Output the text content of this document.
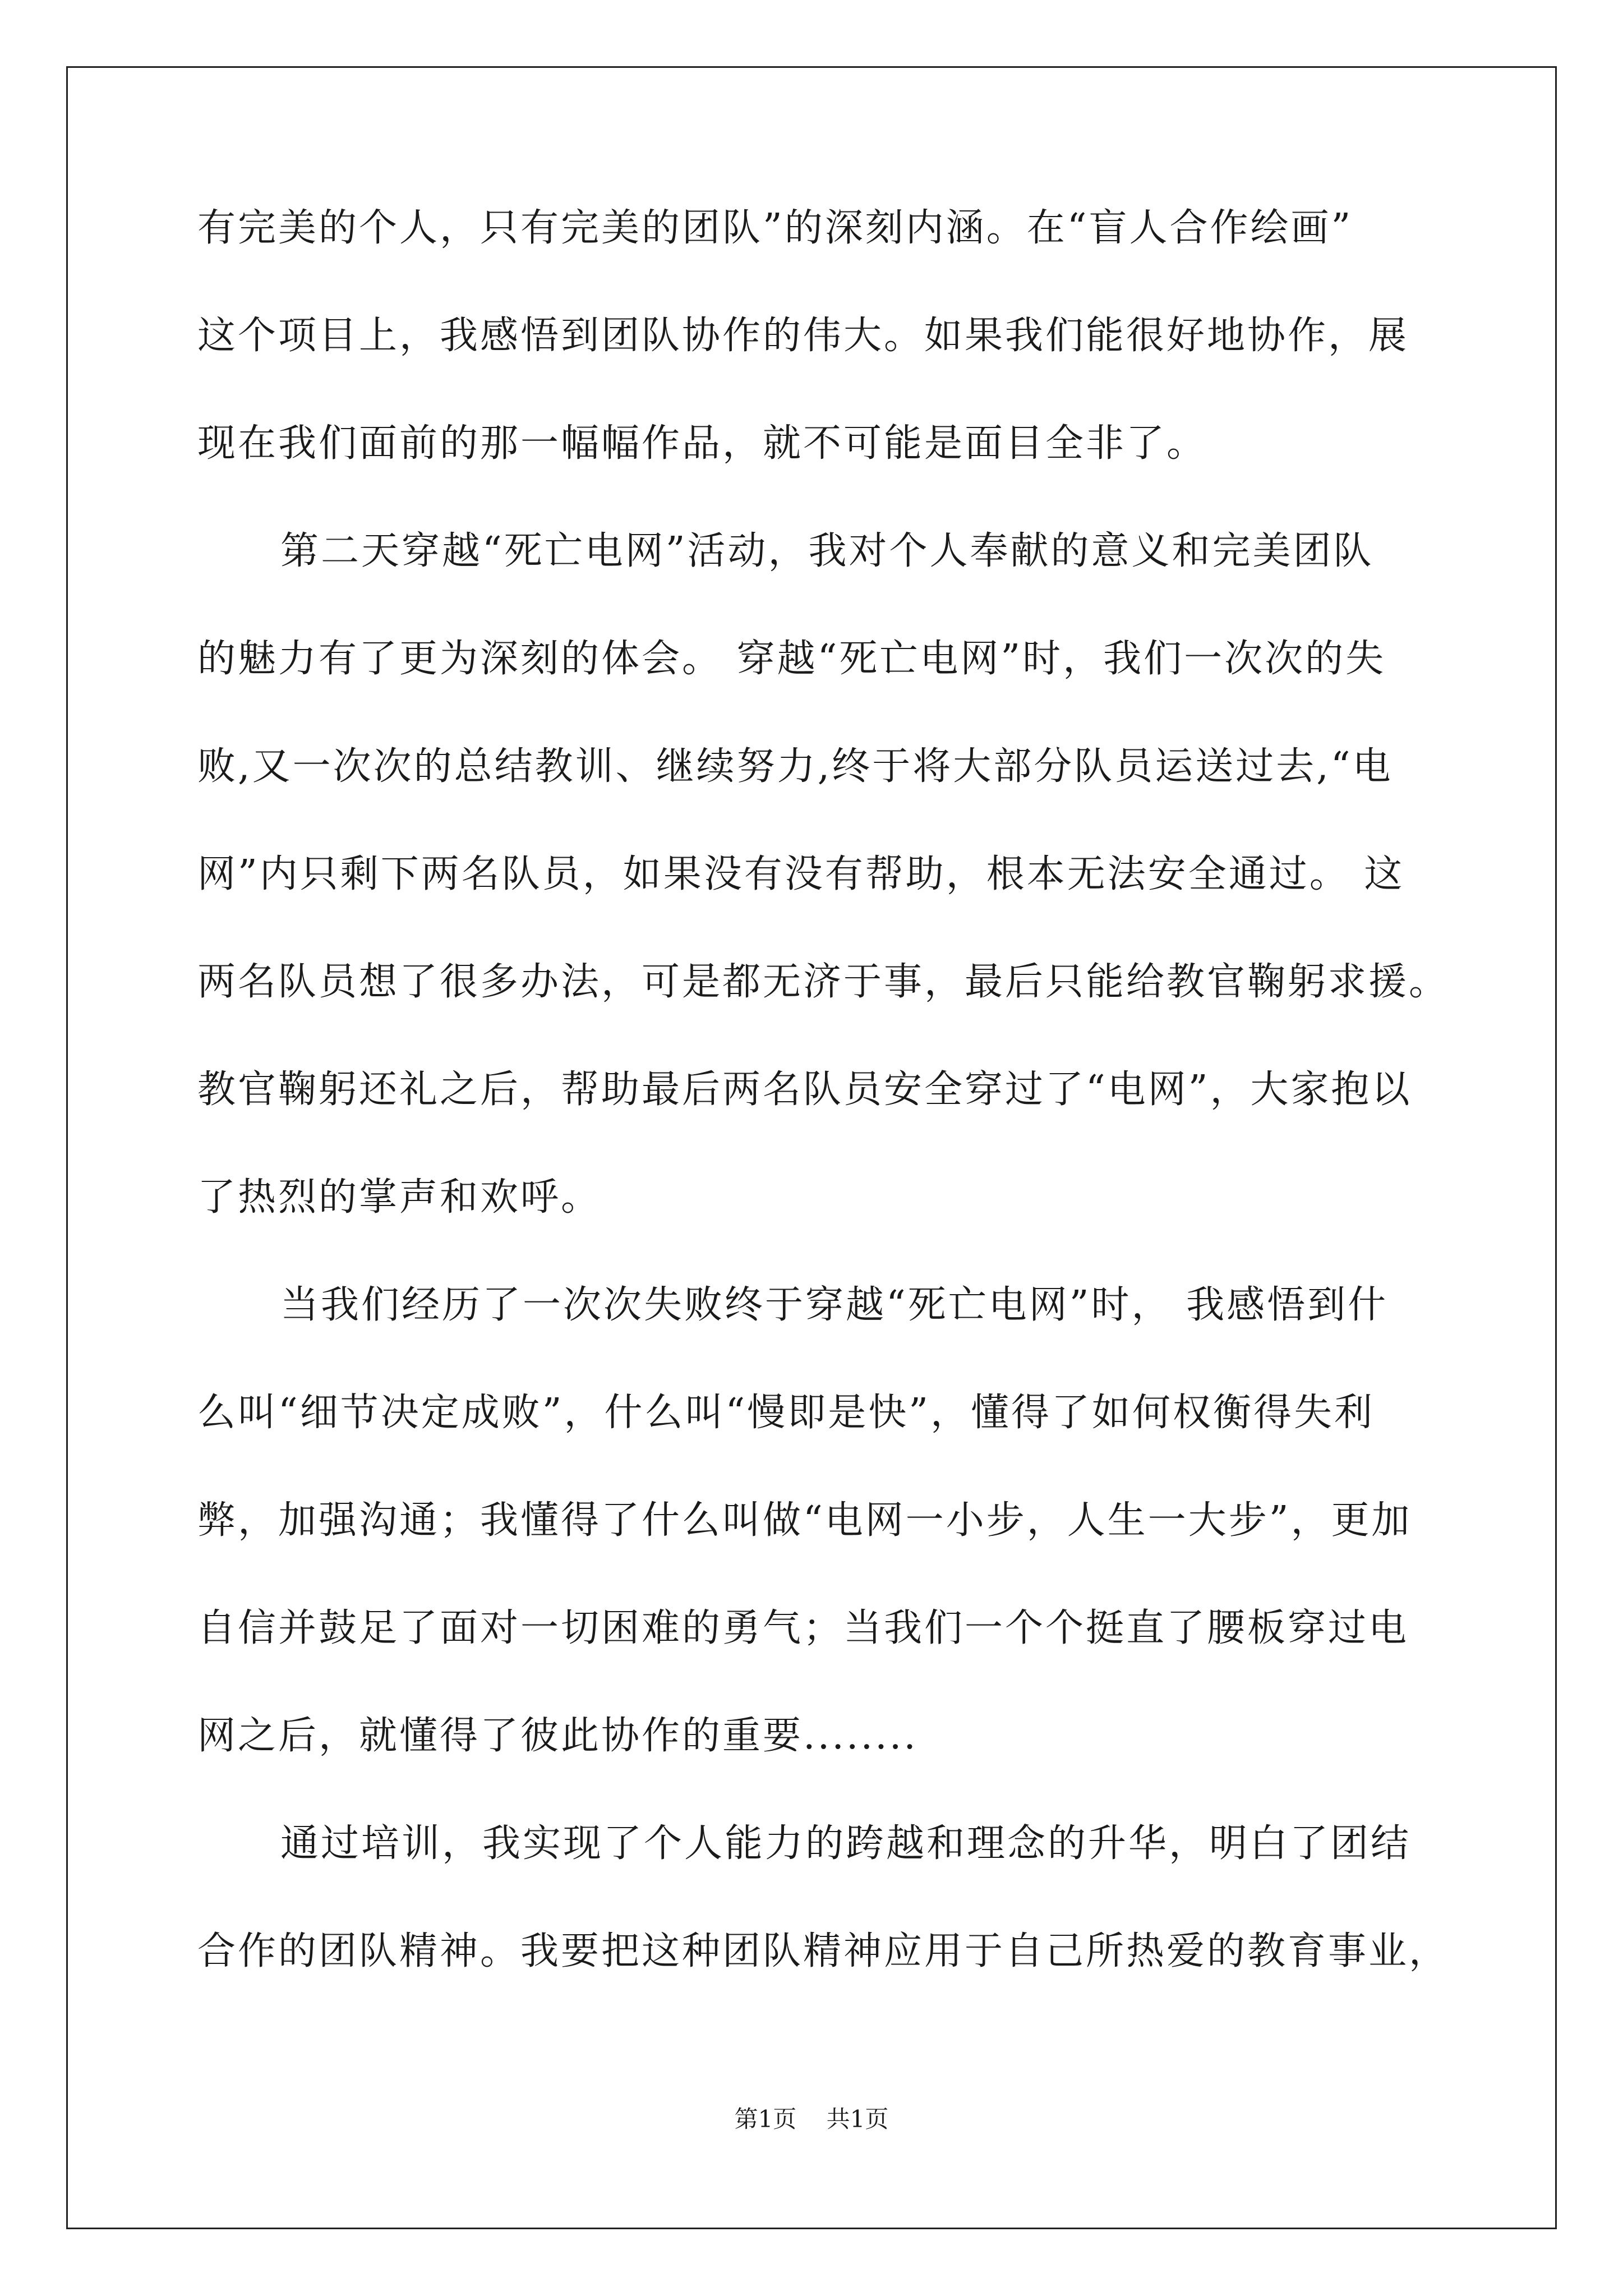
有完美的个人，只有完美的团队”的深刻内涵。在“盲人合作绘画”
这个项目上，我感悟到团队协作的伟大。如果我们能很好地协作，展
现在我们面前的那一幅幅作品，就不可能是面目全非了。
第二天穿越“死亡电网”活动，我对个人奉献的意义和完美团队
的魅力有了更为深刻的体会。 穿越“死亡电网”时，我们一次次的失
败,又一次次的总结教训、继续努力,终于将大部分队员运送过去,“电
网”内只剩下两名队员，如果没有没有帮助，根本无法安全通过。 这
两名队员想了很多办法，可是都无济于事，最后只能给教官鞠躬求援。
教官鞠躬还礼之后，帮助最后两名队员安全穿过了“电网”，大家抱以
了热烈的掌声和欢呼。
当我们经历了一次次失败终于穿越“死亡电网”时， 我感悟到什
么叫“细节决定成败”，什么叫“慢即是快”，懂得了如何权衡得失利
弊，加强沟通；我懂得了什么叫做“电网一小步，人生一大步”，更加
自信并鼓足了面对一切困难的勇气；当我们一个个挺直了腰板穿过电
网之后，就懂得了彼此协作的重要........
通过培训，我实现了个人能力的跨越和理念的升华，明白了团结
合作的团队精神。我要把这种团队精神应用于自己所热爱的教育事业，
第1页    共1页
